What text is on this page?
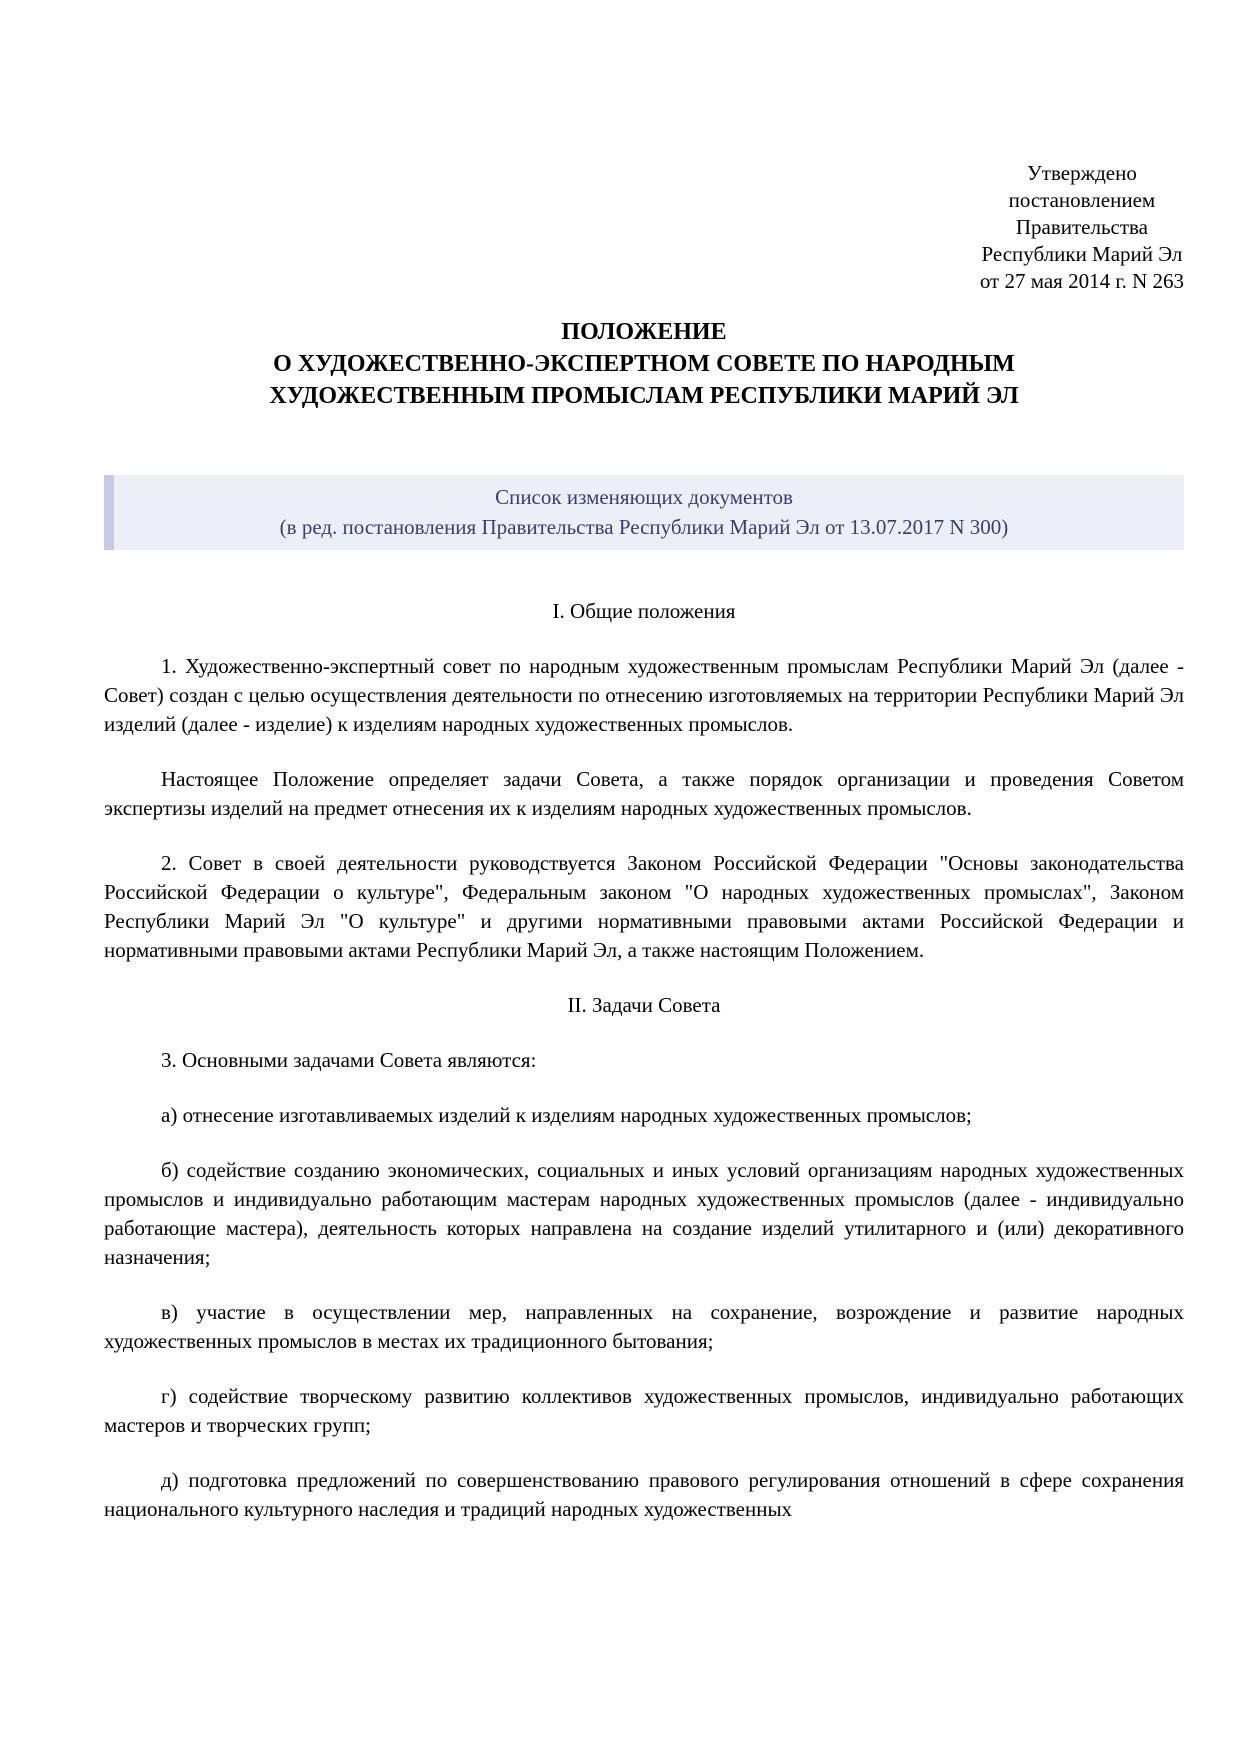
Утверждено
постановлением
Правительства
Республики Марий Эл
от 27 мая 2014 г. N 263
ПОЛОЖЕНИЕ
О ХУДОЖЕСТВЕННО-ЭКСПЕРТНОМ СОВЕТЕ ПО НАРОДНЫМ
ХУДОЖЕСТВЕННЫМ ПРОМЫСЛАМ РЕСПУБЛИКИ МАРИЙ ЭЛ
Список изменяющих документов
(в ред. постановления Правительства Республики Марий Эл от 13.07.2017 N 300)
I. Общие положения

1. Художественно-экспертный совет по народным художественным промыслам Республики Марий Эл (далее - Совет) создан с целью осуществления деятельности по отнесению изготовляемых на территории Республики Марий Эл изделий (далее - изделие) к изделиям народных художественных промыслов.

Настоящее Положение определяет задачи Совета, а также порядок организации и проведения Советом экспертизы изделий на предмет отнесения их к изделиям народных художественных промыслов.

2. Совет в своей деятельности руководствуется Законом Российской Федерации "Основы законодательства Российской Федерации о культуре", Федеральным законом "О народных художественных промыслах", Законом Республики Марий Эл "О культуре" и другими нормативными правовыми актами Российской Федерации и нормативными правовыми актами Республики Марий Эл, а также настоящим Положением.

II. Задачи Совета

3. Основными задачами Совета являются:

а) отнесение изготавливаемых изделий к изделиям народных художественных промыслов;

б) содействие созданию экономических, социальных и иных условий организациям народных художественных промыслов и индивидуально работающим мастерам народных художественных промыслов (далее - индивидуально работающие мастера), деятельность которых направлена на создание изделий утилитарного и (или) декоративного назначения;

в) участие в осуществлении мер, направленных на сохранение, возрождение и развитие народных художественных промыслов в местах их традиционного бытования;

г) содействие творческому развитию коллективов художественных промыслов, индивидуально работающих мастеров и творческих групп;

д) подготовка предложений по совершенствованию правового регулирования отношений в сфере сохранения национального культурного наследия и традиций народных художественных
